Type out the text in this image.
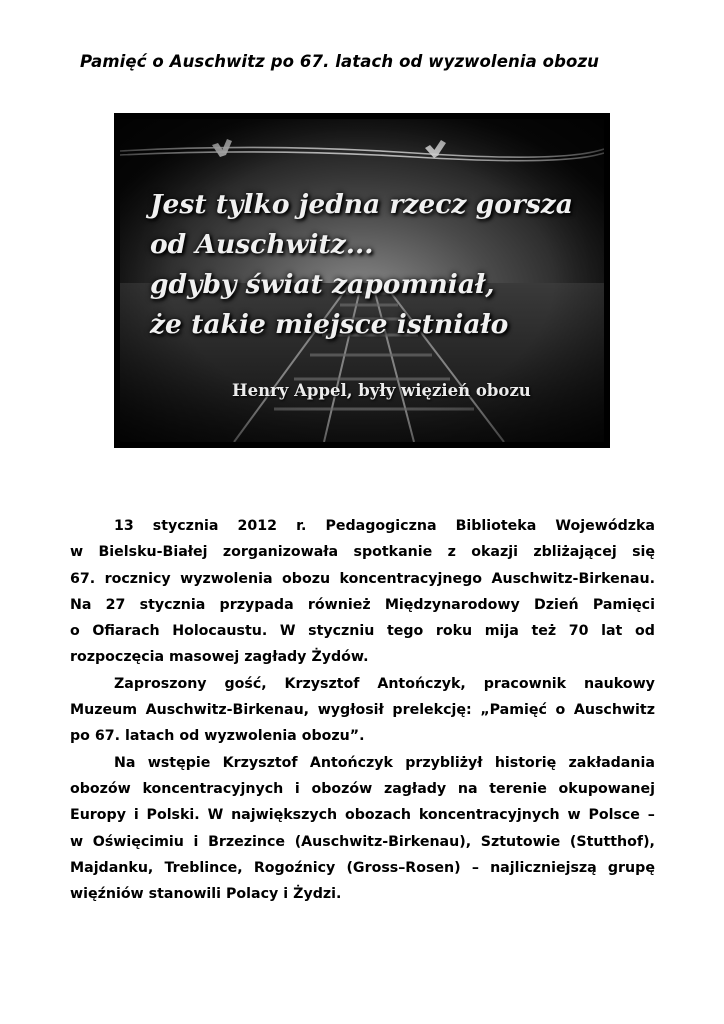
Pamięć o Auschwitz po 67. latach od wyzwolenia obozu
Jest tylko jedna rzecz gorsza
od Auschwitz...
gdyby świat zapomniał,
że takie miejsce istniało
Henry Appel, były więzień obozu
13 stycznia 2012 r. Pedagogiczna Biblioteka Wojewódzka
w Bielsku-Białej zorganizowała spotkanie z okazji zbliżającej się
67. rocznicy wyzwolenia obozu koncentracyjnego Auschwitz-Birkenau.
Na 27 stycznia przypada również Międzynarodowy Dzień Pamięci
o Ofiarach Holocaustu. W styczniu tego roku mija też 70 lat od
rozpoczęcia masowej zagłady Żydów.
Zaproszony gość, Krzysztof Antończyk, pracownik naukowy
Muzeum Auschwitz-Birkenau, wygłosił prelekcję: „Pamięć o Auschwitz
po 67. latach od wyzwolenia obozu”.
Na wstępie Krzysztof Antończyk przybliżył historię zakładania
obozów koncentracyjnych i obozów zagłady na terenie okupowanej
Europy i Polski. W największych obozach koncentracyjnych w Polsce –
w Oświęcimiu i Brzezince (Auschwitz-Birkenau), Sztutowie (Stutthof),
Majdanku, Treblince, Rogoźnicy (Gross–Rosen) – najliczniejszą grupę
więźniów stanowili Polacy i Żydzi.
